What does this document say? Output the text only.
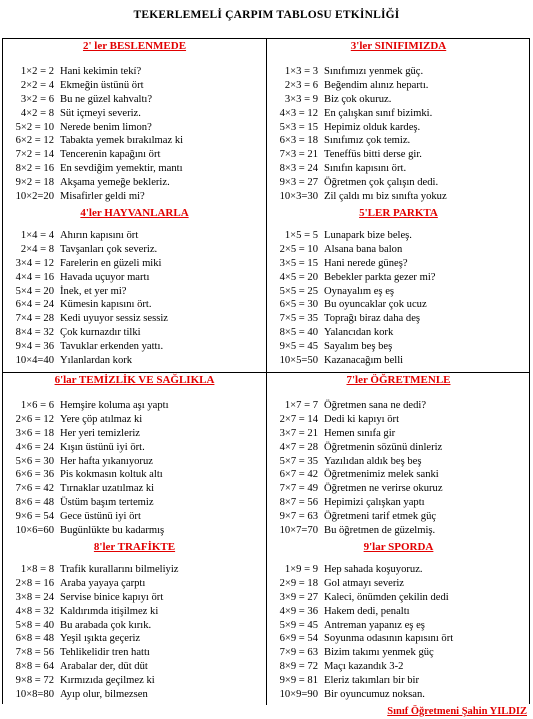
TEKERLEMELİ ÇARPIM TABLOSU ETKİNLİĞİ
2' ler BESLENMEDE
1×2 = 2 Hani kekimin tekí?
2×2 = 4 Ekmeğin üstünü ört
3×2 = 6 Bu ne güzel kahvaltı?
4×2 = 8 Süt içmeyi severiz.
5×2 = 10 Nerede benim limon?
6×2 = 12 Tabakta yemek bırakılmaz ki
7×2 = 14 Tencerenin kapağını ört
8×2 = 16 En sevdiğim yemektir, mantı
9×2 = 18 Akşama yemeğe bekleriz.
10×2=20 Misafirler geldi mi?
4'ler HAYVANLARLA
1×4 = 4 Ahırın kapısını ört
2×4 = 8 Tavşanları çok severiz.
3×4 = 12 Farelerin en güzeli miki
4×4 = 16 Havada uçuyor martı
5×4 = 20 İnek, et yer mi?
6×4 = 24 Kümesin kapısını ört.
7×4 = 28 Kedi uyuyor sessiz sessiz
8×4 = 32 Çok kurnazdır tilki
9×4 = 36 Tavuklar erkenden yattı.
10×4=40 Yılanlardan kork
3'ler SINIFIMIZDA
1×3 = 3 Sınıfımızı yenmek güç.
2×3 = 6 Beğendim alınız hepartı.
3×3 = 9 Biz çok okuruz.
4×3 = 12 En çalışkan sınıf bizimki.
5×3 = 15 Hepimiz olduk kardeş.
6×3 = 18 Sınıfımız çok temiz.
7×3 = 21 Teneffüs bitti derse gir.
8×3 = 24 Sınıfın kapısını ört.
9×3 = 27 Öğretmen çok çalışın dedi.
10×3=30 Zil çaldı mı biz sınıfta yokuz
5'LER PARKTA
1×5 = 5 Lunapark bize beleş.
2×5 = 10 Alsana bana balon
3×5 = 15 Hani nerede güneş?
4×5 = 20 Bebekler parkta gezer mi?
5×5 = 25 Oynayalım eş eş
6×5 = 30 Bu oyuncaklar çok ucuz
7×5 = 35 Toprağı biraz daha deş
8×5 = 40 Yalancıdan kork
9×5 = 45 Sayalım beş beş
10×5=50 Kazanacağım belli
6'lar TEMİZLİK VE SAĞLIKLA
1×6 = 6 Hemşire koluma aşı yaptı
2×6 = 12 Yere çöp atılmaz ki
3×6 = 18 Her yeri temizleriz
4×6 = 24 Kışın üstünü iyi ört.
5×6 = 30 Her hafta yıkanıyoruz
6×6 = 36 Pis kokmasın koltuk altı
7×6 = 42 Tırnaklar uzatılmaz ki
8×6 = 48 Üstüm başım tertemiz
9×6 = 54 Gece üstünü iyi ört
10×6=60 Bugünlükte bu kadarmış
8'ler TRAFİKTE
1×8 = 8 Trafik kurallarını bilmeliyiz
2×8 = 16 Araba yayaya çarptı
3×8 = 24 Servise binice kapıyı ört
4×8 = 32 Kaldırımda itişilmez ki
5×8 = 40 Bu arabada çok kırık.
6×8 = 48 Yeşil ışıkta geçeriz
7×8 = 56 Tehlikelidir tren hattı
8×8 = 64 Arabalar der, düt düt
9×8 = 72 Kırmızıda geçilmez ki
10×8=80 Ayıp olur, bilmezsen
7'ler ÖĞRETMENLE
1×7 = 7 Öğretmen sana ne dedi?
2×7 = 14 Dedi ki kapıyı ört
3×7 = 21 Hemen sınıfa gir
4×7 = 28 Öğretmenin sözünü dinleriz
5×7 = 35 Yazılıdan aldık beş beş
6×7 = 42 Öğretmenimiz melek sanki
7×7 = 49 Öğretmen ne verirse okuruz
8×7 = 56 Hepimizi çalışkan yaptı
9×7 = 63 Öğretmeni tarif etmek güç
10×7=70 Bu öğretmen de güzelmiş.
9'lar SPORDA
1×9 = 9 Hep sahada koşuyoruz.
2×9 = 18 Gol atmayı severiz
3×9 = 27 Kaleci, önümden çekilin dedi
4×9 = 36 Hakem dedi, penaltı
5×9 = 45 Antreman yapanız eş eş
6×9 = 54 Soyunma odasının kapısını ört
7×9 = 63 Bizim takımı yenmek güç
8×9 = 72 Maçı kazandık 3-2
9×9 = 81 Eleriz takımları bir bir
10×9=90 Bir oyuncumuz noksan.
Sınıf Öğretmeni Şahin YILDIZ
